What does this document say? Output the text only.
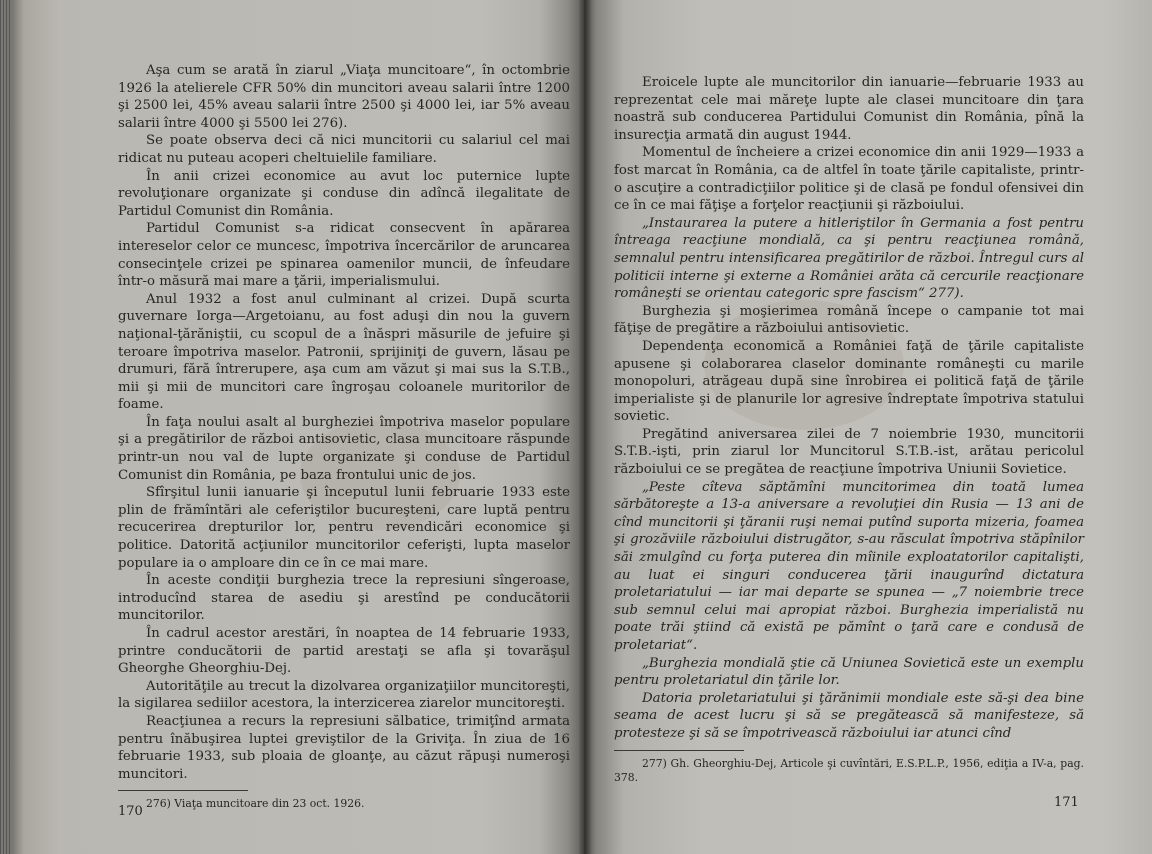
Aşa cum se arată în ziarul „Viaţa muncitoare“, în octombrie 1926 la atelierele CFR 50% din muncitori aveau salarii între 1200 şi 2500 lei, 45% aveau salarii între 2500 şi 4000 lei, iar 5% aveau salarii între 4000 şi 5500 lei 276).

Se poate observa deci că nici muncitorii cu salariul cel mai ridicat nu puteau acoperi cheltuielile familiare.

În anii crizei economice au avut loc puternice lupte revoluţionare organizate şi conduse din adîncă ilegalitate de Partidul Comunist din România.

Partidul Comunist s-a ridicat consecvent în apărarea intereselor celor ce muncesc, împotriva încercărilor de aruncarea consecinţele crizei pe spinarea oamenilor muncii, de înfeudare într-o măsură mai mare a ţării, imperialismului.

Anul 1932 a fost anul culminant al crizei. După scurta guvernare Iorga—Argetoianu, au fost aduşi din nou la guvern naţional-ţărăniştii, cu scopul de a înăspri măsurile de jefuire şi teroare împotriva maselor. Patronii, sprijiniţi de guvern, lăsau pe drumuri, fără întrerupere, aşa cum am văzut şi mai sus la S.T.B., mii şi mii de muncitori care îngroşau coloanele muritorilor de foame.

În faţa noului asalt al burgheziei împotriva maselor populare şi a pregătirilor de război antisovietic, clasa muncitoare răspunde printr-un nou val de lupte organizate şi conduse de Partidul Comunist din România, pe baza frontului unic de jos.

Sfîrşitul lunii ianuarie şi începutul lunii februarie 1933 este plin de frămîntări ale ceferiştilor bucureşteni, care luptă pentru recucerirea drepturilor lor, pentru revendicări economice şi politice. Datorită acţiunilor muncitorilor ceferişti, lupta maselor populare ia o amploare din ce în ce mai mare.

În aceste condiţii burghezia trece la represiuni sîngeroase, introducînd starea de asediu şi arestînd pe conducătorii muncitorilor.

În cadrul acestor arestări, în noaptea de 14 februarie 1933, printre conducătorii de partid arestaţi se afla şi tovarăşul Gheorghe Gheorghiu-Dej.

Autorităţile au trecut la dizolvarea organizaţiilor muncitoreşti, la sigilarea sediilor acestora, la interzicerea ziarelor muncitoreşti.

Reacţiunea a recurs la represiuni sălbatice, trimiţînd armata pentru înăbuşirea luptei greviştilor de la Griviţa. În ziua de 16 februarie 1933, sub ploaia de gloanţe, au căzut răpuşi numeroşi muncitori.

276) Viaţa muncitoare din 23 oct. 1926.

170

Eroicele lupte ale muncitorilor din ianuarie—februarie 1933 au reprezentat cele mai măreţe lupte ale clasei muncitoare din ţara noastră sub conducerea Partidului Comunist din România, pînă la insurecţia armată din august 1944.

Momentul de încheiere a crizei economice din anii 1929—1933 a fost marcat în România, ca de altfel în toate ţările capitaliste, printr-o ascuţire a contradicţiilor politice şi de clasă pe fondul ofensivei din ce în ce mai făţişe a forţelor reacţiunii şi războiului.

„Instaurarea la putere a hitleriştilor în Germania a fost pentru întreaga reacţiune mondială, ca şi pentru reacţiunea română, semnalul pentru intensificarea pregătirilor de război. Întregul curs al politicii interne şi externe a României arăta că cercurile reacţionare româneşti se orientau categoric spre fascism“ 277).

Burghezia şi moşierimea română începe o campanie tot mai făţişe de pregătire a războiului antisovietic.

Dependenţa economică a României faţă de ţările capitaliste apusene şi colaborarea claselor dominante româneşti cu marile monopoluri, atrăgeau după sine înrobirea ei politică faţă de ţările imperialiste şi de planurile lor agresive îndreptate împotriva statului sovietic.

Pregătind aniversarea zilei de 7 noiembrie 1930, muncitorii S.T.B.-işti, prin ziarul lor Muncitorul S.T.B.-ist, arătau pericolul războiului ce se pregătea de reacţiune împotriva Uniunii Sovietice.

„Peste cîteva săptămîni muncitorimea din toată lumea sărbătoreşte a 13-a aniversare a revoluţiei din Rusia — 13 ani de cînd muncitorii şi ţăranii ruşi nemai putînd suporta mizeria, foamea şi grozăviile războiului distrugător, s-au răsculat împotriva stăpînilor săi zmulgînd cu forţa puterea din mîinile exploatatorilor capitalişti, au luat ei singuri conducerea ţării inaugurînd dictatura proletariatului — iar mai departe se spunea — „7 noiembrie trece sub semnul celui mai apropiat război. Burghezia imperialistă nu poate trăi ştiind că există pe pămînt o ţară care e condusă de proletariat“.

„Burghezia mondială ştie că Uniunea Sovietică este un exemplu pentru proletariatul din ţările lor.

Datoria proletariatului şi ţărănimii mondiale este să-şi dea bine seama de acest lucru şi să se pregătească să manifesteze, să protesteze şi să se împotrivească războiului iar atunci cînd

277) Gh. Gheorghiu-Dej, Articole şi cuvîntări, E.S.P.L.P., 1956, ediţia a IV-a, pag. 378.

171
